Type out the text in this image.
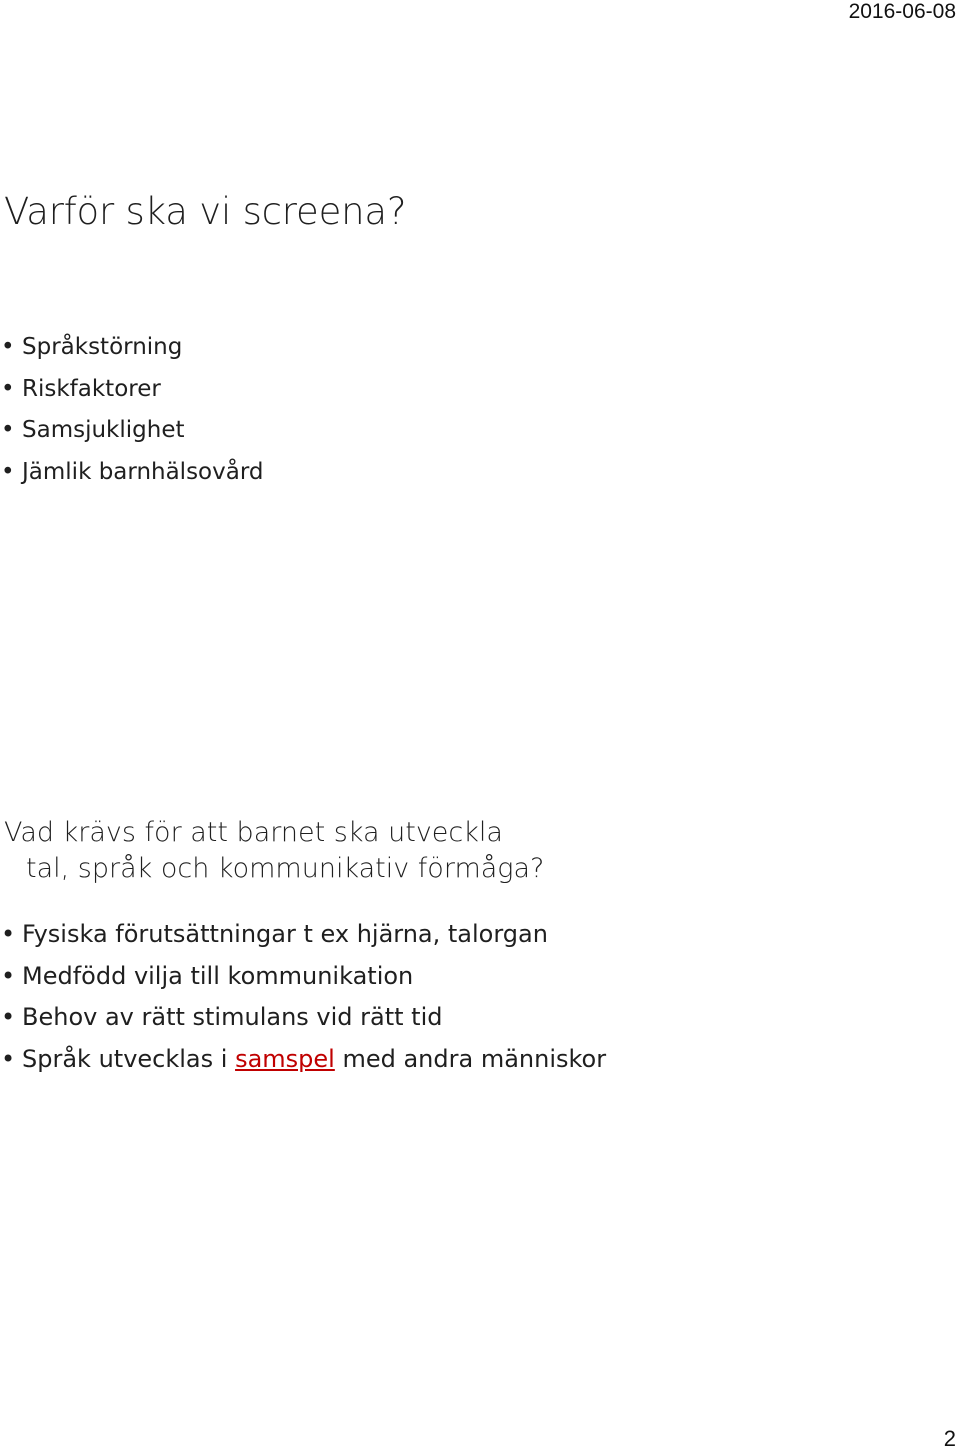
2016-06-08
Varför ska vi screena?
• Språkstörning
• Riskfaktorer
• Samsjuklighet
• Jämlik barnhälsovård
Vad krävs för att barnet ska utveckla
tal, språk och kommunikativ förmåga?
• Fysiska förutsättningar t ex hjärna, talorgan
• Medfödd vilja till kommunikation
• Behov av rätt stimulans vid rätt tid
• Språk utvecklas i samspel med andra människor
2
